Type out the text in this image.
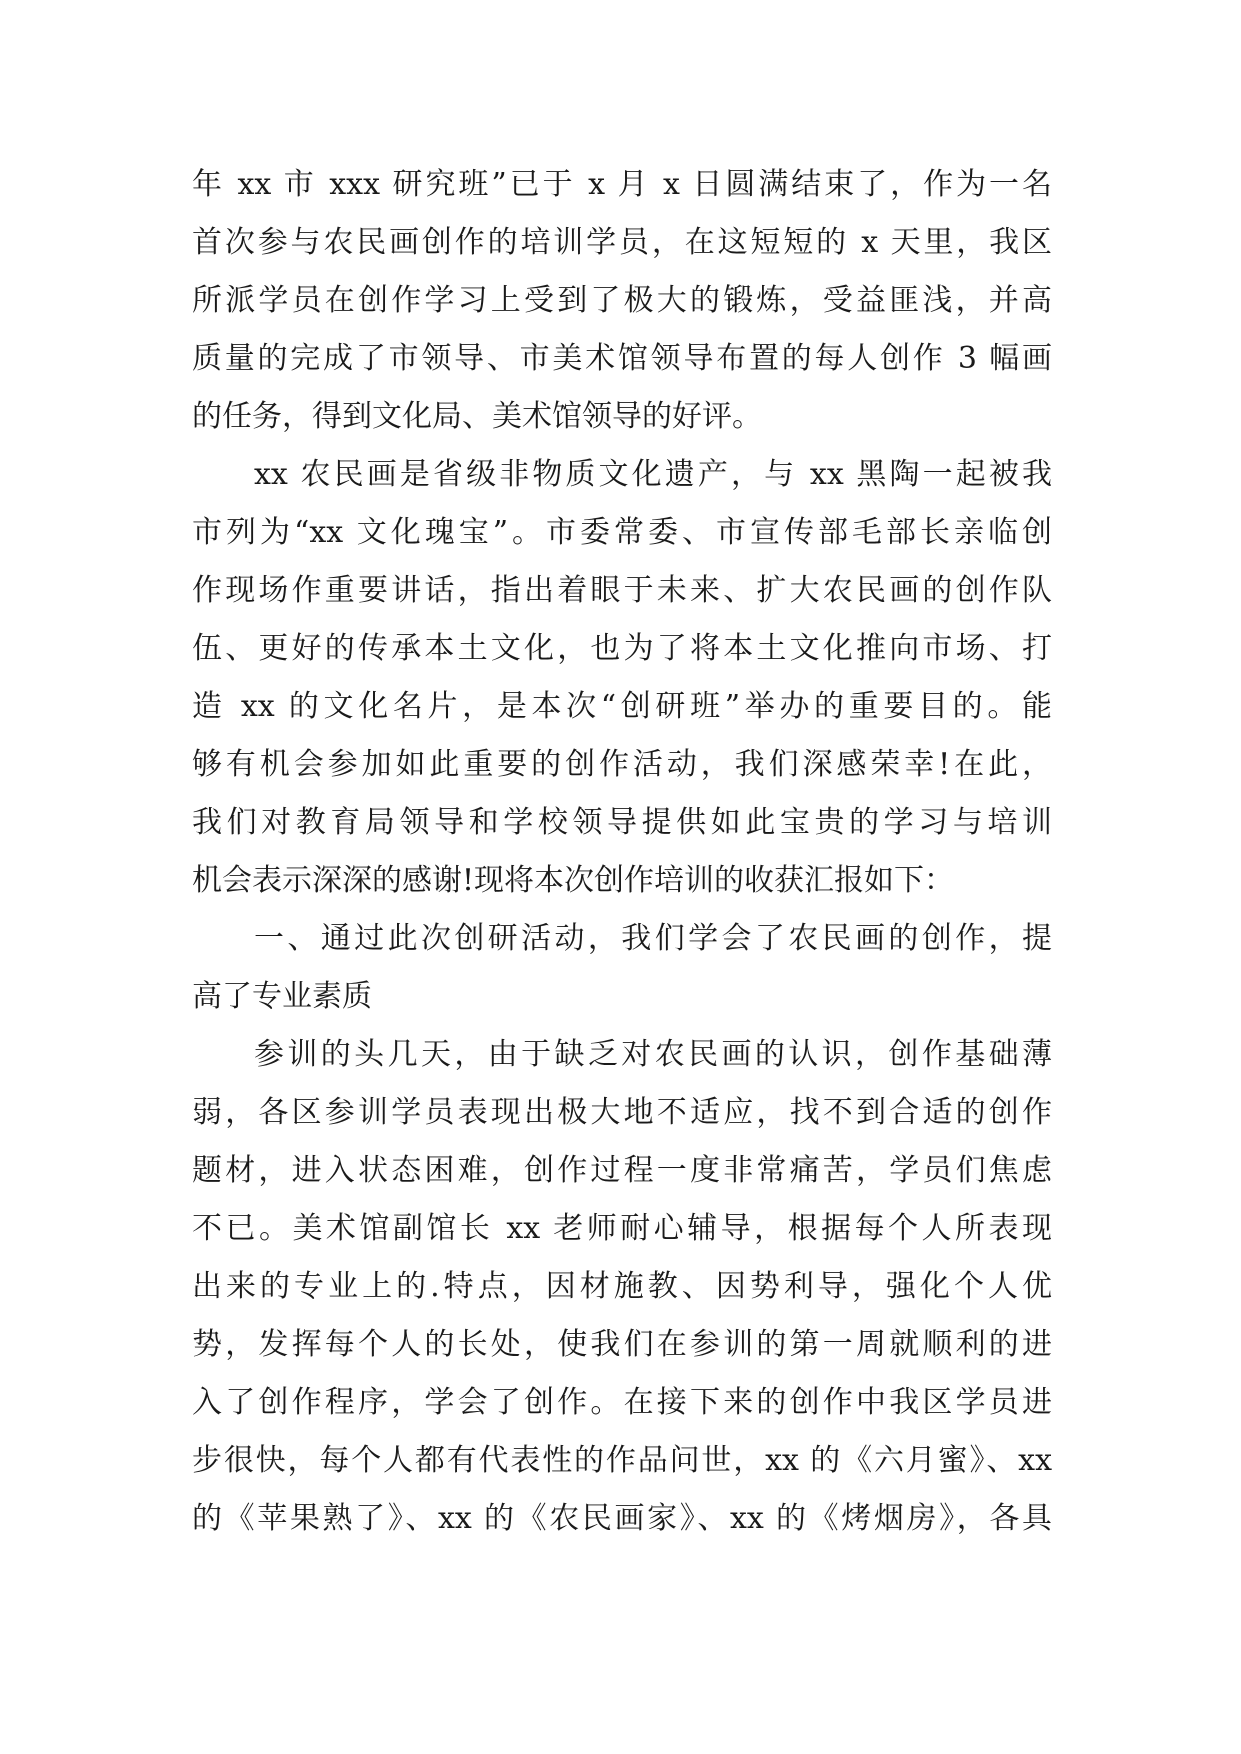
年 xx 市 xxx 研究班”已于 x 月 x 日圆满结束了，作为一名
首次参与农民画创作的培训学员，在这短短的 x 天里，我区
所派学员在创作学习上受到了极大的锻炼，受益匪浅，并高
质量的完成了市领导、市美术馆领导布置的每人创作 3 幅画
的任务，得到文化局、美术馆领导的好评。
xx 农民画是省级非物质文化遗产，与 xx 黑陶一起被我
市列为“xx 文化瑰宝”。市委常委、市宣传部毛部长亲临创
作现场作重要讲话，指出着眼于未来、扩大农民画的创作队
伍、更好的传承本土文化，也为了将本土文化推向市场、打
造 xx 的文化名片，是本次“创研班”举办的重要目的。能
够有机会参加如此重要的创作活动，我们深感荣幸!在此，
我们对教育局领导和学校领导提供如此宝贵的学习与培训
机会表示深深的感谢!现将本次创作培训的收获汇报如下：
一、通过此次创研活动，我们学会了农民画的创作，提
高了专业素质
参训的头几天，由于缺乏对农民画的认识，创作基础薄
弱，各区参训学员表现出极大地不适应，找不到合适的创作
题材，进入状态困难，创作过程一度非常痛苦，学员们焦虑
不已。美术馆副馆长 xx 老师耐心辅导，根据每个人所表现
出来的专业上的.特点，因材施教、因势利导，强化个人优
势，发挥每个人的长处，使我们在参训的第一周就顺利的进
入了创作程序，学会了创作。在接下来的创作中我区学员进
步很快，每个人都有代表性的作品问世，xx 的《六月蜜》、xx
的《苹果熟了》、xx 的《农民画家》、xx 的《烤烟房》，各具
